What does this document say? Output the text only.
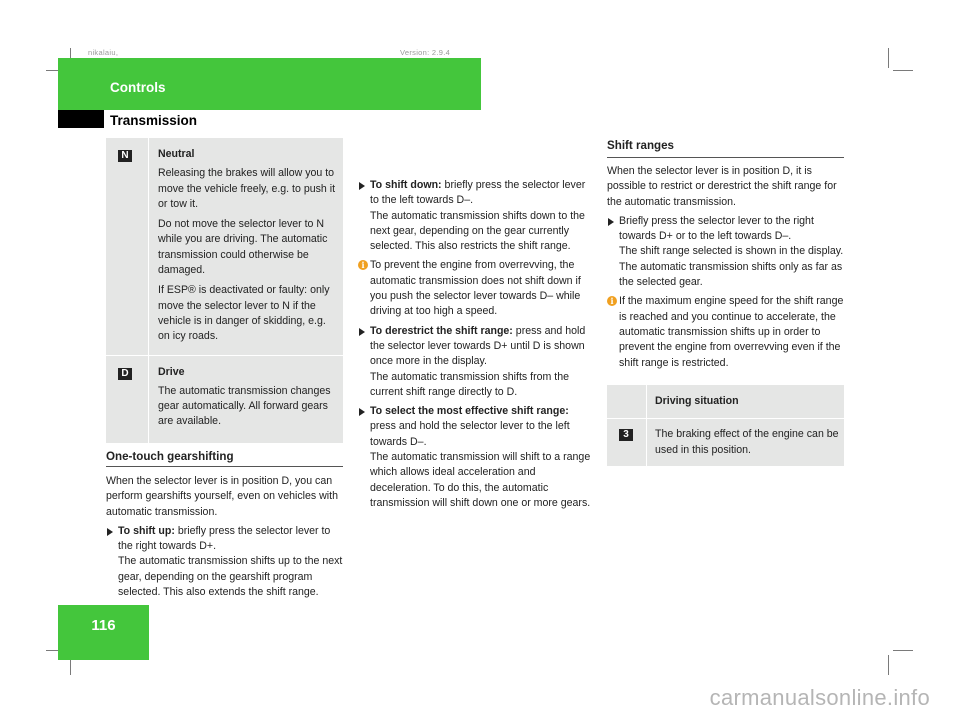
nikalaiu,	Version: 2.9.4
Controls
Transmission
N	Neutral

Releasing the brakes will allow you to move the vehicle freely, e.g. to push it or tow it.

Do not move the selector lever to N while you are driving. The automatic transmission could otherwise be damaged.

If ESP® is deactivated or faulty: only move the selector lever to N if the vehicle is in danger of skidding, e.g. on icy roads.

D	Drive

The automatic transmission changes gear automatically. All forward gears are available.

One-touch gearshifting

When the selector lever is in position D, you can perform gearshifts yourself, even on vehicles with automatic transmission.

To shift up: briefly press the selector lever to the right towards D+.

The automatic transmission shifts up to the next gear, depending on the gearshift program selected. This also extends the shift range.

To shift down: briefly press the selector lever to the left towards D–.

The automatic transmission shifts down to the next gear, depending on the gear currently selected. This also restricts the shift range.

i To prevent the engine from overrevving, the automatic transmission does not shift down if you push the selector lever towards D– while driving at too high a speed.
To derestrict the shift range: press and hold the selector lever towards D+ until D is shown once more in the display.

The automatic transmission shifts from the current shift range directly to D.

To select the most effective shift range: press and hold the selector lever to the left towards D–.

The automatic transmission will shift to a range which allows ideal acceleration and deceleration. To do this, the automatic transmission will shift down one or more gears.

Shift ranges

When the selector lever is in position D, it is possible to restrict or derestrict the shift range for the automatic transmission.

Briefly press the selector lever to the right towards D+ or to the left towards D–.

The shift range selected is shown in the display. The automatic transmission shifts only as far as the selected gear.

i If the maximum engine speed for the shift range is reached and you continue to accelerate, the automatic transmission shifts up in order to prevent the engine from overrevving even if the shift range is restricted.
Driving situation
3	The braking effect of the engine can be used in this position.
116
carmanualsonline.info
